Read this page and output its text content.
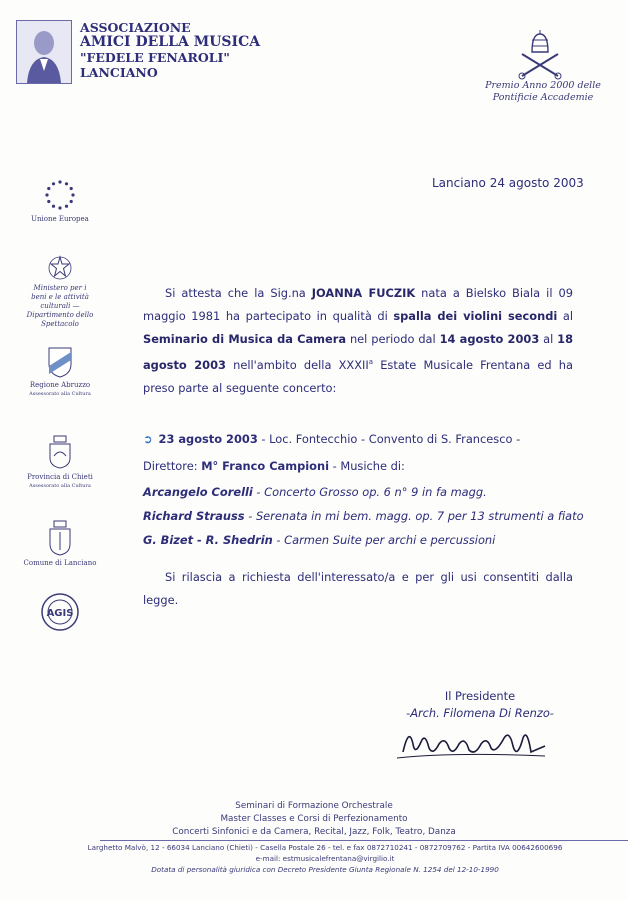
ASSOCIAZIONE
AMICI DELLA MUSICA
"FEDELE FENAROLI"
LANCIANO
Premio Anno 2000 delle
Pontificie Accademie
Unione Europea
Ministero per i beni e le attività culturali — Dipartimento dello Spettacolo
Regione Abruzzo
Assessorato alla Cultura
Provincia di Chieti
Assessorato alla Cultura
Comune di Lanciano
AGIS
Lanciano 24 agosto 2003
Si attesta che la Sig.na JOANNA FUCZIK nata a Bielsko Biala il 09 maggio 1981 ha partecipato in qualità di spalla dei violini secondi al Seminario di Musica da Camera nel periodo dal 14 agosto 2003 al 18 agosto 2003 nell'ambito della XXXII$^a$ Estate Musicale Frentana ed ha preso parte al seguente concerto:
➲ 23 agosto 2003 - Loc. Fontecchio - Convento di S. Francesco -
Direttore: M° Franco Campioni - Musiche di:
Arcangelo Corelli - Concerto Grosso op. 6 n° 9 in fa magg.
Richard Strauss - Serenata in mi bem. magg. op. 7 per 13 strumenti a fiato
G. Bizet - R. Shedrin - Carmen Suite per archi e percussioni
Si rilascia a richiesta dell'interessato/a e per gli usi consentiti dalla legge.
Il Presidente
-Arch. Filomena Di Renzo-
Seminari di Formazione Orchestrale
Master Classes e Corsi di Perfezionamento
Concerti Sinfonici e da Camera, Recital, Jazz, Folk, Teatro, Danza
Larghetto Malvò, 12 - 66034 Lanciano (Chieti) - Casella Postale 26 - tel. e fax 0872710241 - 0872709762 - Partita IVA 00642600696
e-mail: estmusicalefrentana@virgilio.it
Dotata di personalità giuridica con Decreto Presidente Giunta Regionale N. 1254 del 12-10-1990
